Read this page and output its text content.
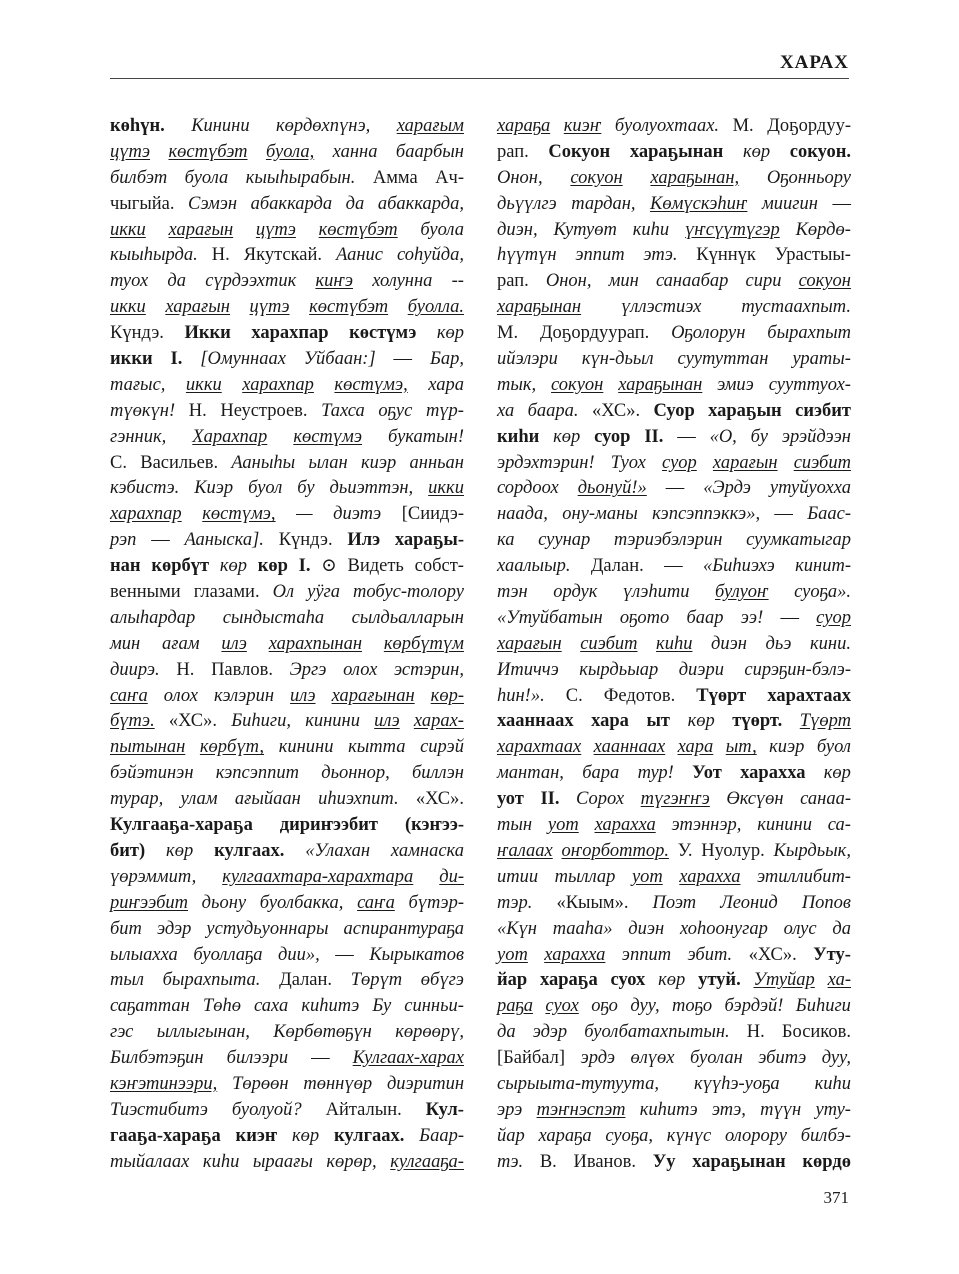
ХАРАХ
көһүн. Кинини көрдөхпүнэ, харағым
цүтэ көстүбэт буола, ханна баарбын
билбэт буола кыыһырабын. Амма Ач-
чыгыйа. Сэмэн абаккарда да абаккарда,
икки харағын цүтэ көстүбэт буола
кыыһырда. Н. Якутскай. Аанис соһуйда,
туох да сүрдээхтик киҥэ холунна --
икки харағын цүтэ көстүбэт буолла.
Күндэ. Икки харахпар көстүмэ көр
икки I. [Омуннаах Уйбаан:] — Бар,
тағыс, икки харахпар көстүмэ, хара
түөкүн! Н. Неустроев. Тахса оҕус түр-
гэнник, Харахпар көстүмэ букатын!
С. Васильев. Ааныһы ылан киэр анньан
кэбистэ. Киэр буол бу дьиэттэн, икки
харахпар көстүмэ, — диэтэ [Сиидэ-
рэп — Ааныска]. Күндэ. Илэ хараҕы-
нан көрбүт көр көр I. ⊙ Видеть собст-
венными глазами. Ол уӱга тобус-толору
алыһардар сындыстаһа сылдьалларын
мин ағам илэ харахпынан көрбүтүм
диирэ. Н. Павлов. Эргэ олох эстэрин,
саҥа олох кэлэрин илэ харағынан көр-
бүтэ. «ХС». Биһиги, кинини илэ харах-
пытынан көрбүт, кинини кытта сирэй
бэйэтинэн кэпсэппит дьоннор, биллэн
турар, улам ағыйаан иһиэхпит. «ХС».
Кулгааҕа-хараҕа дириҥээбит (кэҥээ-
бит) көр кулгаах. «Улахан хамнаска
үөрэммит, кулгаахтара-харахтара ди-
риҥээбит дьону буолбакка, саҥа бүтэр-
бит эдэр устудьуоннары аспирантураҕа
ылыахха буоллаҕа дии», — Кырыкатов
тыл бырахпыта. Далан. Төрүт өбүгэ
саҕаттан Төһө саха киһитэ Бу синньи-
гэс ыллыгынан, Көрбөтөҕүн көрөөрү,
Билбэтэҕин билээри — Кулгаах-харах
кэҥэтинээри, Төрөөн төннүөр диэритин
Тиэстибитэ буолуой? Айталын. Кул-
гааҕа-хараҕа киэҥ көр кулгаах. Баар-
тыйалаах киһи ыраағы көрөр, кулгааҕа-
хараҕа киэҥ буолуохтаах. М. Доҕордуу-
рап. Сокуон хараҕынан көр сокуон.
Онон, сокуон хараҕынан, Оҕонньору
дьүүлгэ тардан, Көмүскэһиҥ миигин —
диэн, Кутуөт киһи үҥсүүтүгэр Көрдө-
һүүтүн эппит этэ. Күннүк Урастыы-
рап. Онон, мин санаабар сири сокуон
хараҕынан үллэстиэх тустаахпыт.
М. Доҕордуурап. Оҕолорун бырахпыт
ийэлэри күн-дьыл суутуттан ураты-
тык, сокуон хараҕынан эмиэ сууттуох-
ха баара. «ХС». Суор хараҕын сиэбит
киһи көр суор II. — «О, бу эрэйдээн
эрдэхтэрин! Туох суор харағын сиэбит
сордоох дьонуй!» — «Эрдэ утуйуохха
наада, ону-маны кэпсэппэккэ», — Баас-
ка суунар тэриэбэлэрин суумкатыгар
хаалыыр. Далан. — «Биһиэхэ кинит-
тэн ордук үлэһити булуоҥ суоҕа».
«Утуйбатын оҕото баар ээ! — суор
харағын сиэбит киһи диэн дьэ кини.
Итиччэ кырдьыар диэри сирэҕин-бэлэ-
һин!». С. Федотов. Түөрт харахтаах
хааннаах хара ыт көр түөрт. Түөрт
харахтаах хааннаах хара ыт, киэр буол
мантан, бара тур! Уот харахха көр
уот II. Сорох түгэҥҥэ Өксүөн санаа-
тын уот харахха этэннэр, кинини са-
ҥалаах оҥорботтор. У. Нуолур. Кырдьык,
итии тыллар уот харахха этиллибит-
тэр. «Кыым». Поэт Леонид Попов
«Күн тааһа» диэн хоһоонугар олус да
уот харахха эппит эбит. «ХС». Уту-
йар хараҕа суох көр утуй. Утуйар ха-
раҕа суох оҕо дуу, тоҕо бэрдэй! Биһиги
да эдэр буолбатахпытын. Н. Босиков.
[Байбал] эрдэ өлүөх буолан эбитэ дуу,
сырыыта-тутуута, күүһэ-уоҕа киһи
эрэ тэҥнэспэт киһитэ этэ, түүн уту-
йар хараҕа суоҕа, күнүс олорору билбэ-
тэ. В. Иванов. Уу хараҕынан көрдө
371
